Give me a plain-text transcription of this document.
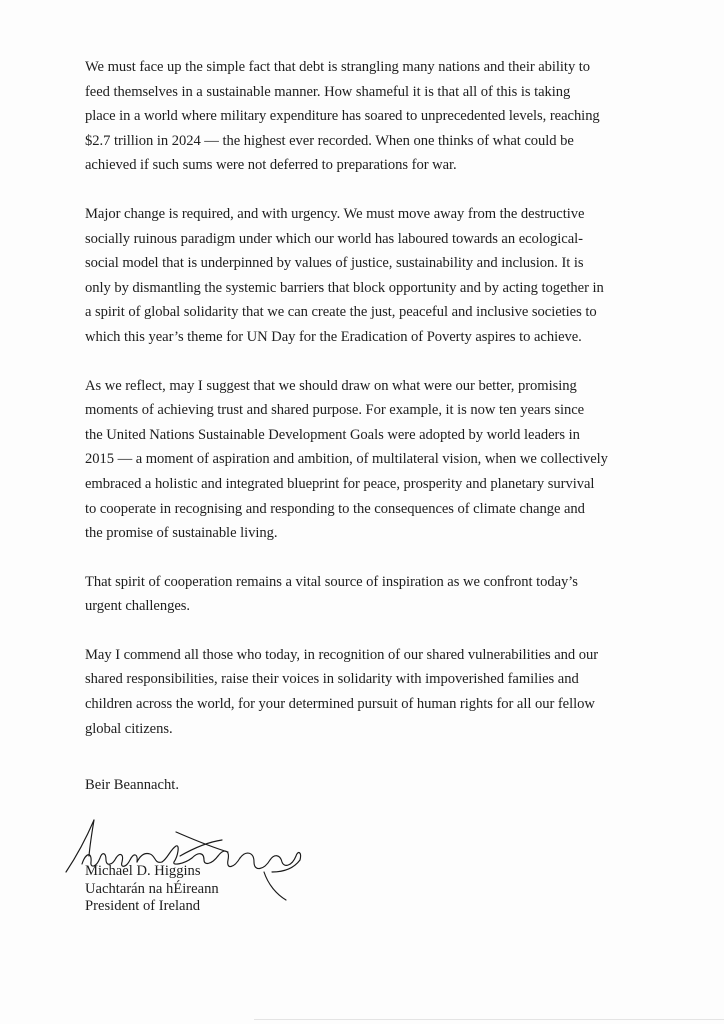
We must face up the simple fact that debt is strangling many nations and their ability to
feed themselves in a sustainable manner. How shameful it is that all of this is taking
place in a world where military expenditure has soared to unprecedented levels, reaching
$2.7 trillion in 2024 — the highest ever recorded. When one thinks of what could be
achieved if such sums were not deferred to preparations for war.
Major change is required, and with urgency. We must move away from the destructive
socially ruinous paradigm under which our world has laboured towards an ecological-
social model that is underpinned by values of justice, sustainability and inclusion. It is
only by dismantling the systemic barriers that block opportunity and by acting together in
a spirit of global solidarity that we can create the just, peaceful and inclusive societies to
which this year’s theme for UN Day for the Eradication of Poverty aspires to achieve.
As we reflect, may I suggest that we should draw on what were our better, promising
moments of achieving trust and shared purpose. For example, it is now ten years since
the United Nations Sustainable Development Goals were adopted by world leaders in
2015 — a moment of aspiration and ambition, of multilateral vision, when we collectively
embraced a holistic and integrated blueprint for peace, prosperity and planetary survival
to cooperate in recognising and responding to the consequences of climate change and
the promise of sustainable living.
That spirit of cooperation remains a vital source of inspiration as we confront today’s
urgent challenges.
May I commend all those who today, in recognition of our shared vulnerabilities and our
shared responsibilities, raise their voices in solidarity with impoverished families and
children across the world, for your determined pursuit of human rights for all our fellow
global citizens.

Beir Beannacht.

Michael D. Higgins
Uachtarán na hÉireann
President of Ireland
